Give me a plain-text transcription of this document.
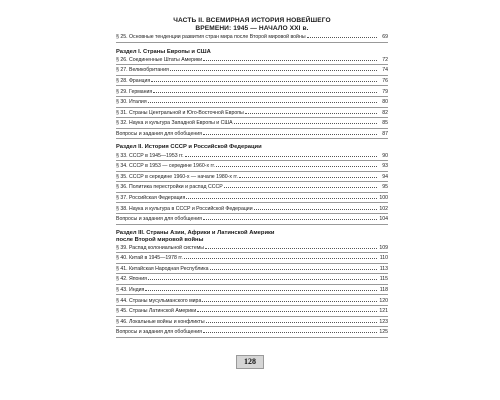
ЧАСТЬ II. ВСЕМИРНАЯ ИСТОРИЯ НОВЕЙШЕГО
ВРЕМЕНИ: 1945 — НАЧАЛО XXI в.
§ 25. Основные тенденции развития стран мира после Второй мировой войны	69
Раздел I. Страны Европы и США
§ 26. Соединенные Штаты Америки	72
§ 27. Великобритания	74
§ 28. Франция	76
§ 29. Германия	79
§ 30. Италия	80
§ 31. Страны Центральной и Юго-Восточной Европы	82
§ 32. Наука и культура Западной Европы и США	85
Вопросы и задания для обобщения	87
Раздел II. История СССР и Российской Федерации
§ 33. СССР в 1945—1953 гг.	90
§ 34. СССР в 1953 — середине 1960-х гг.	93
§ 35. СССР в середине 1960-х — начале 1980-х гг.	94
§ 36. Политика перестройки и распад СССР	95
§ 37. Российская Федерация	100
§ 38. Наука и культура в СССР и Российской Федерации	102
Вопросы и задания для обобщения	104
Раздел III. Страны Азии, Африки и Латинской Америки
после Второй мировой войны
§ 39. Распад колониальной системы	109
§ 40. Китай в 1945—1978 гг.	110
§ 41. Китайская Народная Республика	113
§ 42. Япония	115
§ 43. Индия	118
§ 44. Страны мусульманского мира	120
§ 45. Страны Латинской Америки	121
§ 46. Локальные войны и конфликты	123
Вопросы и задания для обобщения	125
128
